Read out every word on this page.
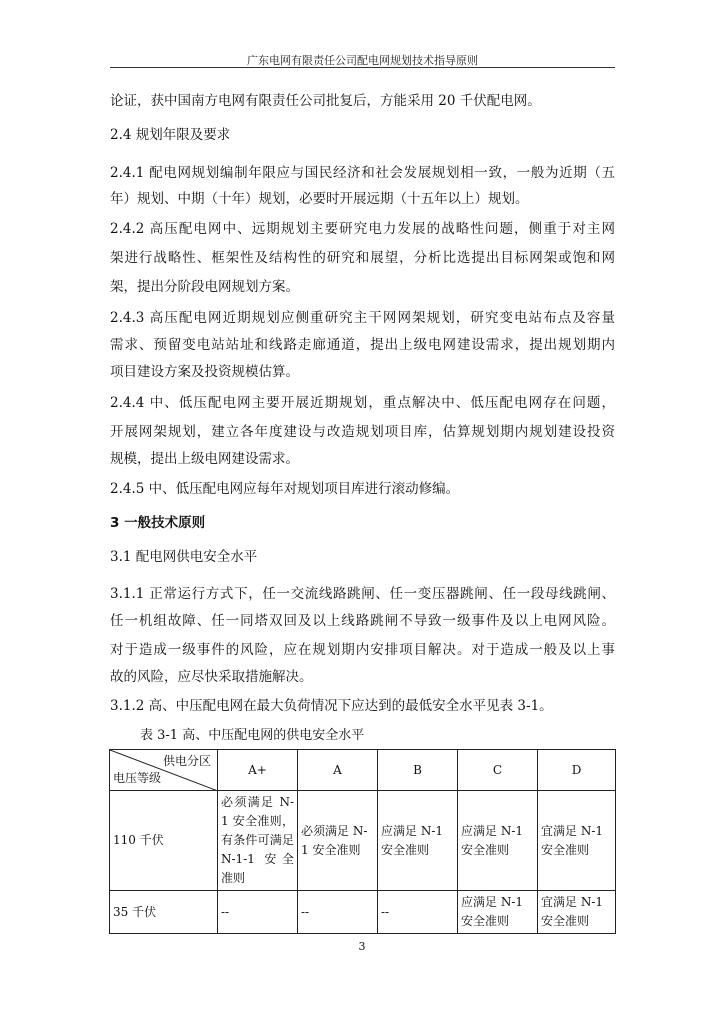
广东电网有限责任公司配电网规划技术指导原则
论证，获中国南方电网有限责任公司批复后，方能采用 20 千伏配电网。
2.4 规划年限及要求
2.4.1 配电网规划编制年限应与国民经济和社会发展规划相一致，一般为近期（五
年）规划、中期（十年）规划，必要时开展远期（十五年以上）规划。
2.4.2 高压配电网中、远期规划主要研究电力发展的战略性问题，侧重于对主网
架进行战略性、框架性及结构性的研究和展望，分析比选提出目标网架或饱和网
架，提出分阶段电网规划方案。
2.4.3 高压配电网近期规划应侧重研究主干网网架规划，研究变电站布点及容量
需求、预留变电站站址和线路走廊通道，提出上级电网建设需求，提出规划期内
项目建设方案及投资规模估算。
2.4.4 中、低压配电网主要开展近期规划，重点解决中、低压配电网存在问题，
开展网架规划，建立各年度建设与改造规划项目库，估算规划期内规划建设投资
规模，提出上级电网建设需求。
2.4.5 中、低压配电网应每年对规划项目库进行滚动修编。
3 一般技术原则
3.1 配电网供电安全水平
3.1.1 正常运行方式下，任一交流线路跳闸、任一变压器跳闸、任一段母线跳闸、
任一机组故障、任一同塔双回及以上线路跳闸不导致一级事件及以上电网风险。
对于造成一级事件的风险，应在规划期内安排项目解决。对于造成一般及以上事
故的风险，应尽快采取措施解决。
3.1.2 高、中压配电网在最大负荷情况下应达到的最低安全水平见表 3-1。
表 3-1 高、中压配电网的供电安全水平
供电分区
电压等级	A+	A	B	C	D
110 千伏	必须满足 N-1 安全准则，有条件可满足 N-1-1 安全准则	必须满足 N-1 安全准则	应满足 N-1 安全准则	应满足 N-1 安全准则	宜满足 N-1 安全准则
35 千伏	--	--	--	应满足 N-1 安全准则	宜满足 N-1 安全准则
3
